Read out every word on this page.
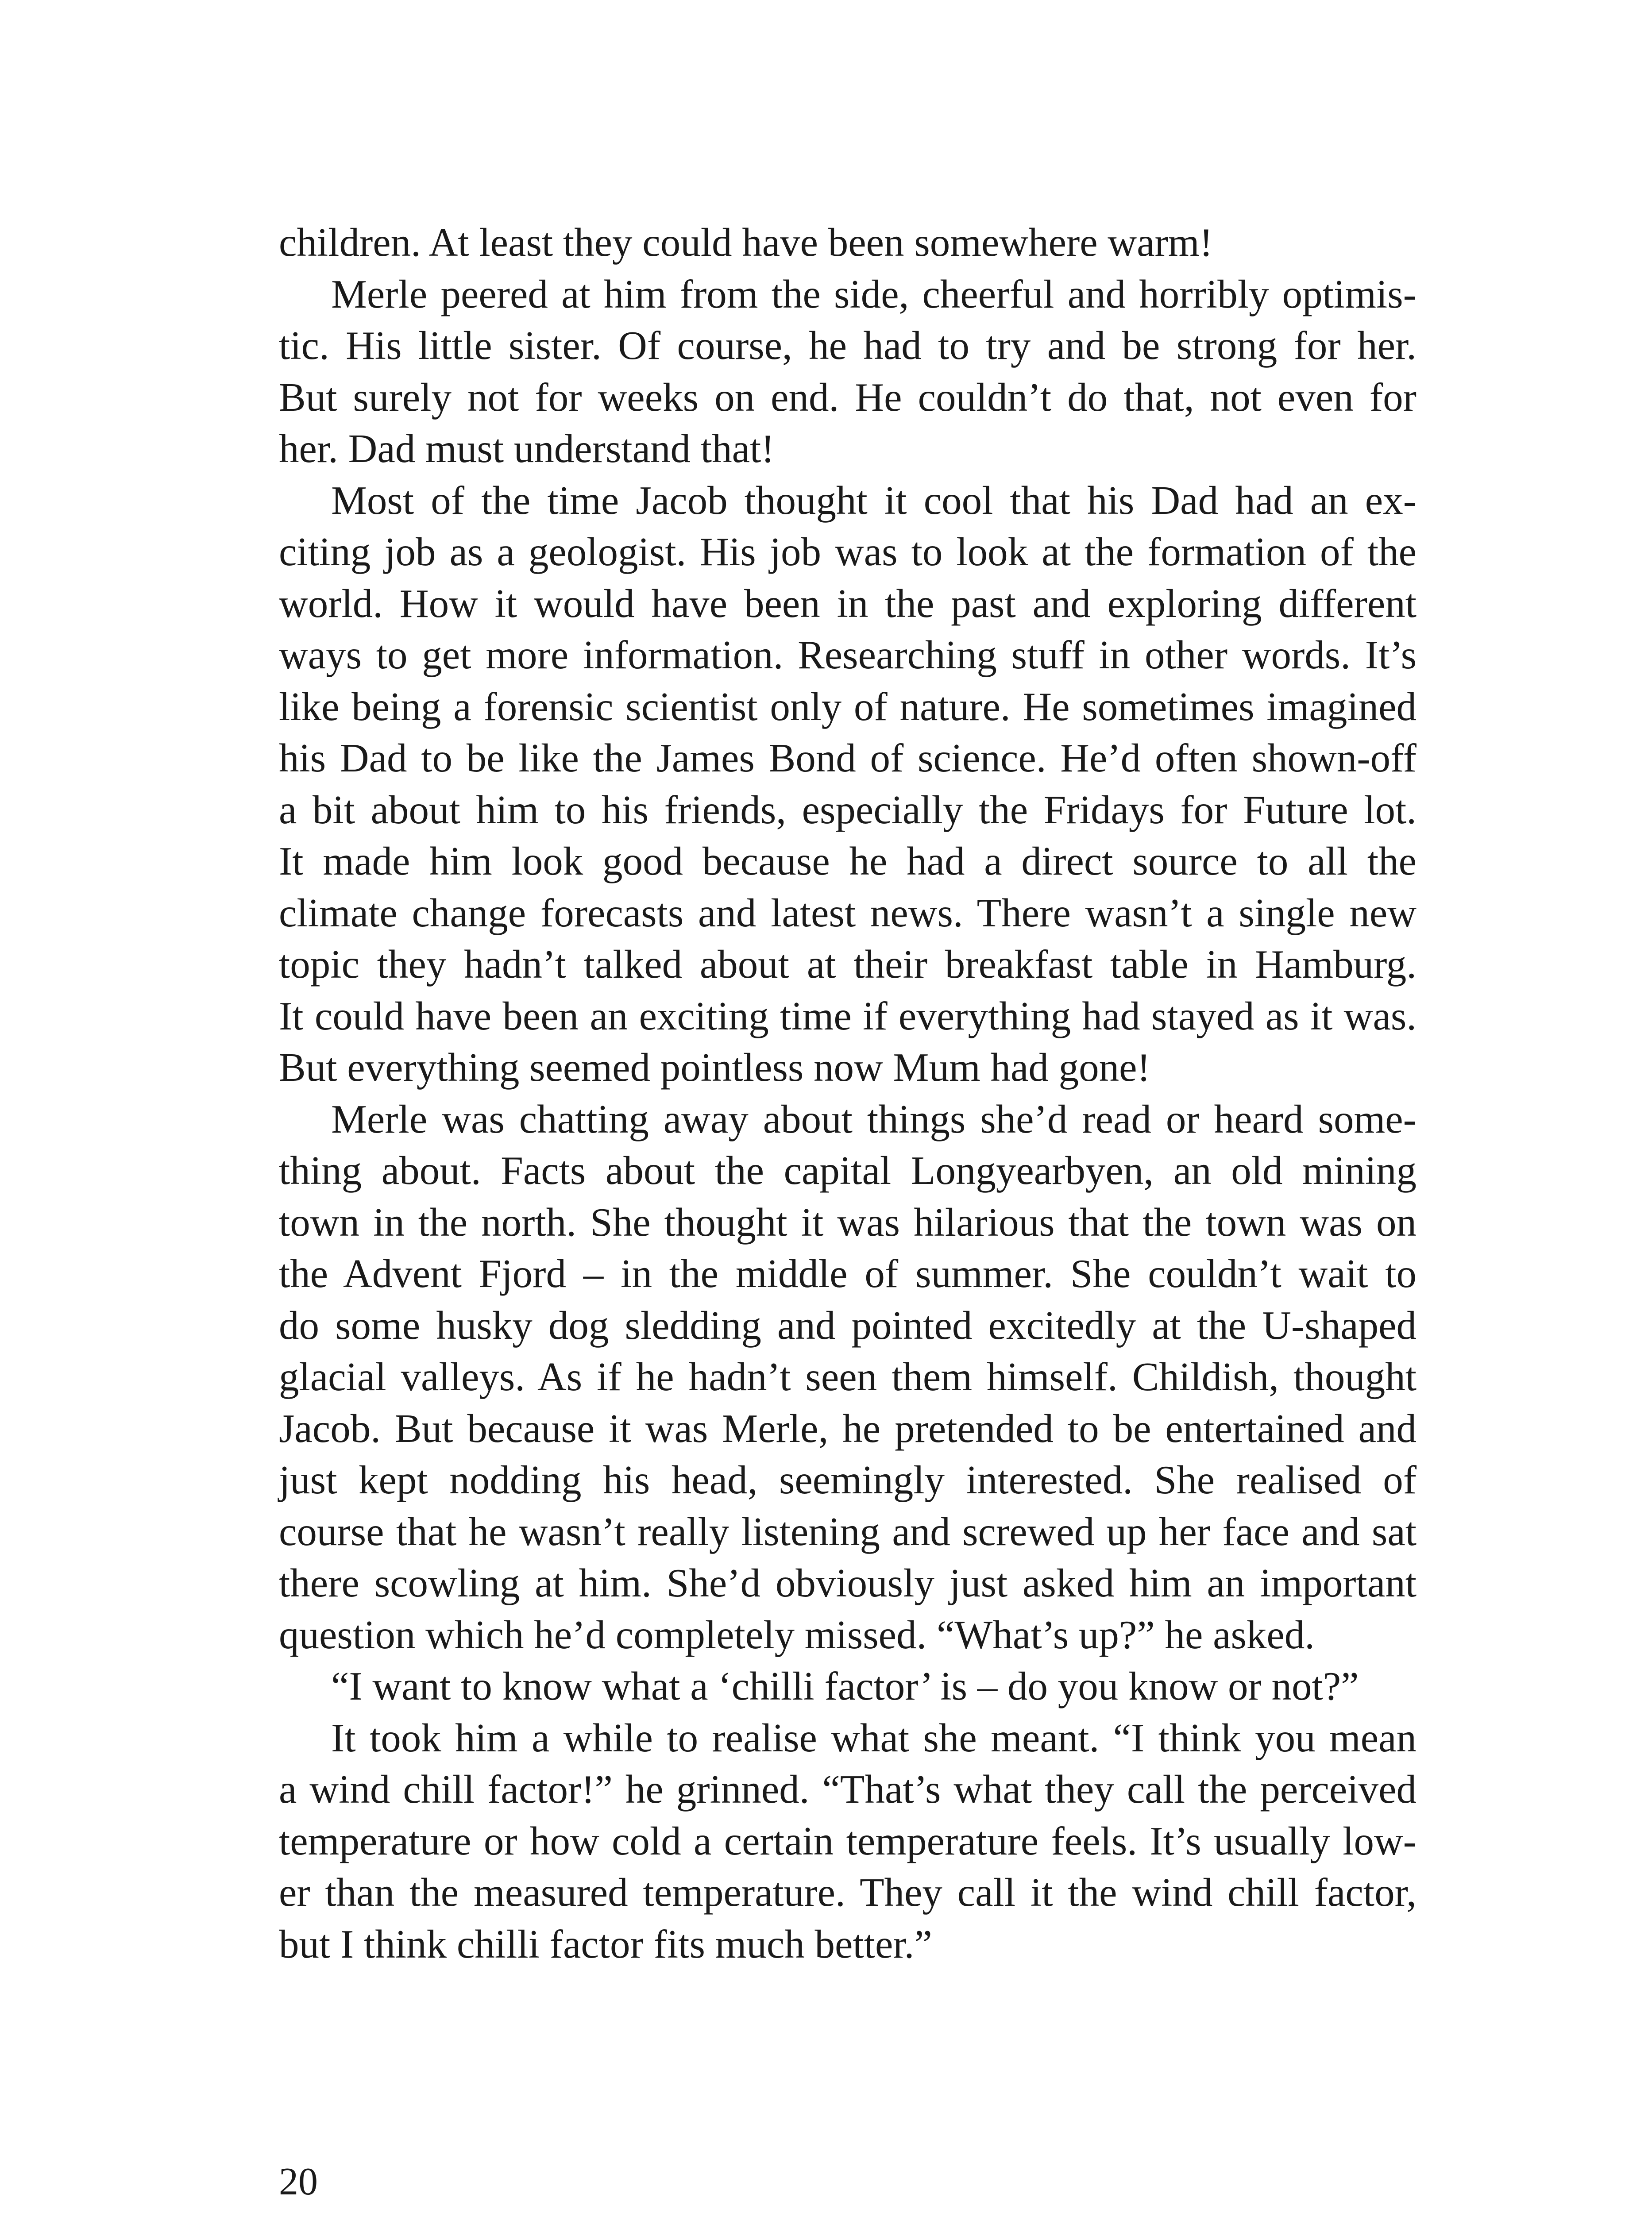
children. At least they could have been somewhere warm!
Merle peered at him from the side, cheerful and horribly optimis-
tic. His little sister. Of course, he had to try and be strong for her.
But surely not for weeks on end. He couldn’t do that, not even for
her. Dad must understand that!
Most of the time Jacob thought it cool that his Dad had an ex-
citing job as a geologist. His job was to look at the formation of the
world. How it would have been in the past and exploring different
ways to get more information. Researching stuff in other words. It’s
like being a forensic scientist only of nature. He sometimes imagined
his Dad to be like the James Bond of science. He’d often shown-off
a bit about him to his friends, especially the Fridays for Future lot.
It made him look good because he had a direct source to all the
climate change forecasts and latest news. There wasn’t a single new
topic they hadn’t talked about at their breakfast table in Hamburg.
It could have been an exciting time if everything had stayed as it was.
But everything seemed pointless now Mum had gone!
Merle was chatting away about things she’d read or heard some-
thing about. Facts about the capital Longyearbyen, an old mining
town in the north. She thought it was hilarious that the town was on
the Advent Fjord – in the middle of summer. She couldn’t wait to
do some husky dog sledding and pointed excitedly at the U-shaped
glacial valleys. As if he hadn’t seen them himself. Childish, thought
Jacob. But because it was Merle, he pretended to be entertained and
just kept nodding his head, seemingly interested. She realised of
course that he wasn’t really listening and screwed up her face and sat
there scowling at him. She’d obviously just asked him an important
question which he’d completely missed. “What’s up?” he asked.
“I want to know what a ‘chilli factor’ is – do you know or not?”
It took him a while to realise what she meant. “I think you mean
a wind chill factor!” he grinned. “That’s what they call the perceived
temperature or how cold a certain temperature feels. It’s usually low-
er than the measured temperature. They call it the wind chill factor,
but I think chilli factor fits much better.”
20
